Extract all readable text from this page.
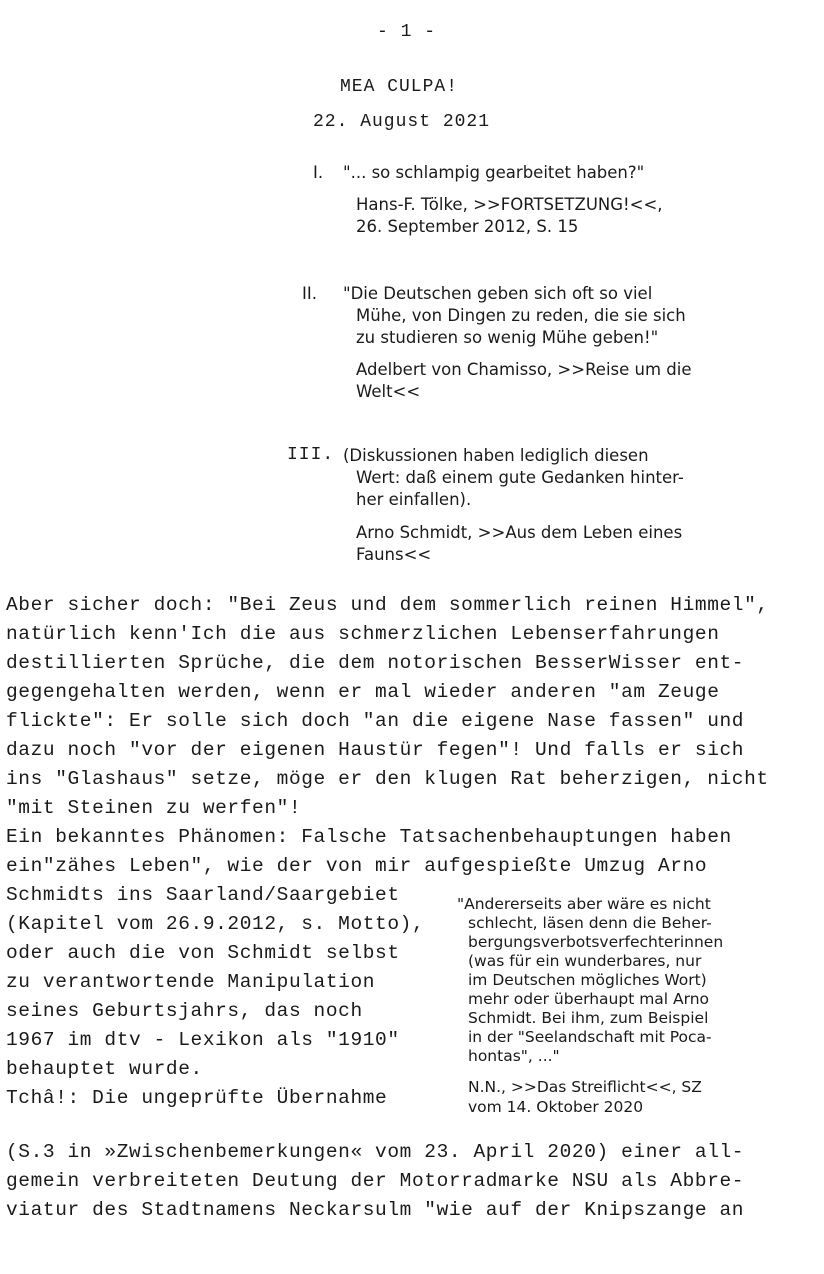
- 1 -
MEA CULPA!
22. August 2021
I. "... so schlampig gearbeitet haben?"
Hans-F. Tölke, >>FORTSETZUNG!<<,
26. September 2012, S. 15
II. "Die Deutschen geben sich oft so viel
Mühe, von Dingen zu reden, die sie sich
zu studieren so wenig Mühe geben!"
Adelbert von Chamisso, >>Reise um die
Welt<<
III. (Diskussionen haben lediglich diesen
Wert: daß einem gute Gedanken hinter-
her einfallen).
Arno Schmidt, >>Aus dem Leben eines
Fauns<<
Aber sicher doch: "Bei Zeus und dem sommerlich reinen Himmel",
natürlich kenn'Ich die aus schmerzlichen Lebenserfahrungen
destillierten Sprüche, die dem notorischen BesserWisser ent-
gegengehalten werden, wenn er mal wieder anderen "am Zeuge
flickte": Er solle sich doch "an die eigene Nase fassen" und
dazu noch "vor der eigenen Haustür fegen"! Und falls er sich
ins "Glashaus" setze, möge er den klugen Rat beherzigen, nicht
"mit Steinen zu werfen"!
Ein bekanntes Phänomen: Falsche Tatsachenbehauptungen haben
ein"zähes Leben", wie der von mir aufgespießte Umzug Arno
Schmidts ins Saarland/Saargebiet
(Kapitel vom 26.9.2012, s. Motto),
oder auch die von Schmidt selbst
zu verantwortende Manipulation
seines Geburtsjahrs, das noch
1967 im dtv - Lexikon als "1910"
behauptet wurde.
Tchâ!: Die ungeprüfte Übernahme
(S.3 in »Zwischenbemerkungen« vom 23. April 2020) einer all-
gemein verbreiteten Deutung der Motorradmarke NSU als Abbre-
viatur des Stadtnamens Neckarsulm "wie auf der Knipszange an
"Andererseits aber wäre es nicht
schlecht, läsen denn die Beher-
bergungsverbotsverfechterinnen
(was für ein wunderbares, nur
im Deutschen mögliches Wort)
mehr oder überhaupt mal Arno
Schmidt. Bei ihm, zum Beispiel
in der "Seelandschaft mit Poca-
hontas", ..."
N.N., >>Das Streiflicht<<, SZ
vom 14. Oktober 2020
